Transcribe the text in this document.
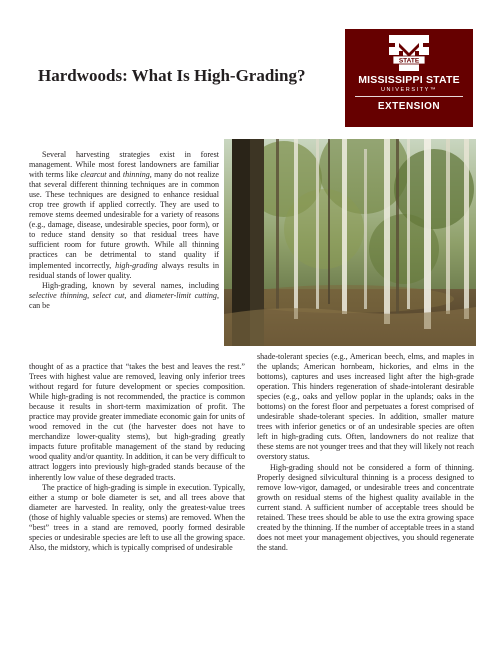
STATE
MISSISSIPPI STATE
UNIVERSITY™
EXTENSION
Hardwoods: What Is High-Grading?

Several harvesting strategies exist in forest management. While most forest landowners are familiar with terms like clearcut and thinning, many do not realize that several different thinning techniques are in common use. These techniques are designed to enhance residual crop tree growth if applied correctly. They are used to remove stems deemed undesirable for a variety of reasons (e.g., damage, disease, undesirable species, poor form), or to reduce stand density so that residual trees have sufficient room for future growth. While all thinning practices can be detrimental to stand quality if implemented incorrectly, high-grading always results in residual stands of lower quality.

High-grading, known by several names, including selective thinning, select cut, and diameter-limit cutting, can be

thought of as a practice that “takes the best and leaves the rest.” Trees with highest value are removed, leaving only inferior trees without regard for future development or species composition. While high-grading is not recommended, the practice is common because it results in short-term maximization of profit. The practice may provide greater immediate economic gain for units of wood removed in the cut (the harvester does not have to merchandize lower-quality stems), but high-grading greatly impacts future profitable management of the stand by reducing wood quality and/or quantity. In addition, it can be very difficult to attract loggers into previously high-graded stands because of the inherently low value of these degraded tracts.

The practice of high-grading is simple in execution. Typically, either a stump or bole diameter is set, and all trees above that diameter are harvested. In reality, only the greatest-value trees (those of highly valuable species or stems) are removed. When the “best” trees in a stand are removed, poorly formed desirable species or undesirable species are left to use all the growing space. Also, the midstory, which is typically comprised of undesirable

shade-tolerant species (e.g., American beech, elms, and maples in the uplands; American hornbeam, hickories, and elms in the bottoms), captures and uses increased light after the high-grade operation. This hinders regeneration of shade-intolerant desirable species (e.g., oaks and yellow poplar in the uplands; oaks in the bottoms) on the forest floor and perpetuates a forest comprised of undesirable shade-tolerant species. In addition, smaller mature trees with inferior genetics or of an undesirable species are often left in high-grading cuts. Often, landowners do not realize that these stems are not younger trees and that they will likely not reach overstory status.

High-grading should not be considered a form of thinning. Properly designed silvicultural thinning is a process designed to remove low-vigor, damaged, or undesirable trees and concentrate growth on residual stems of the highest quality available in the current stand. A sufficient number of acceptable trees should be retained. These trees should be able to use the extra growing space created by the thinning. If the number of acceptable trees in a stand does not meet your management objectives, you should regenerate the stand.
